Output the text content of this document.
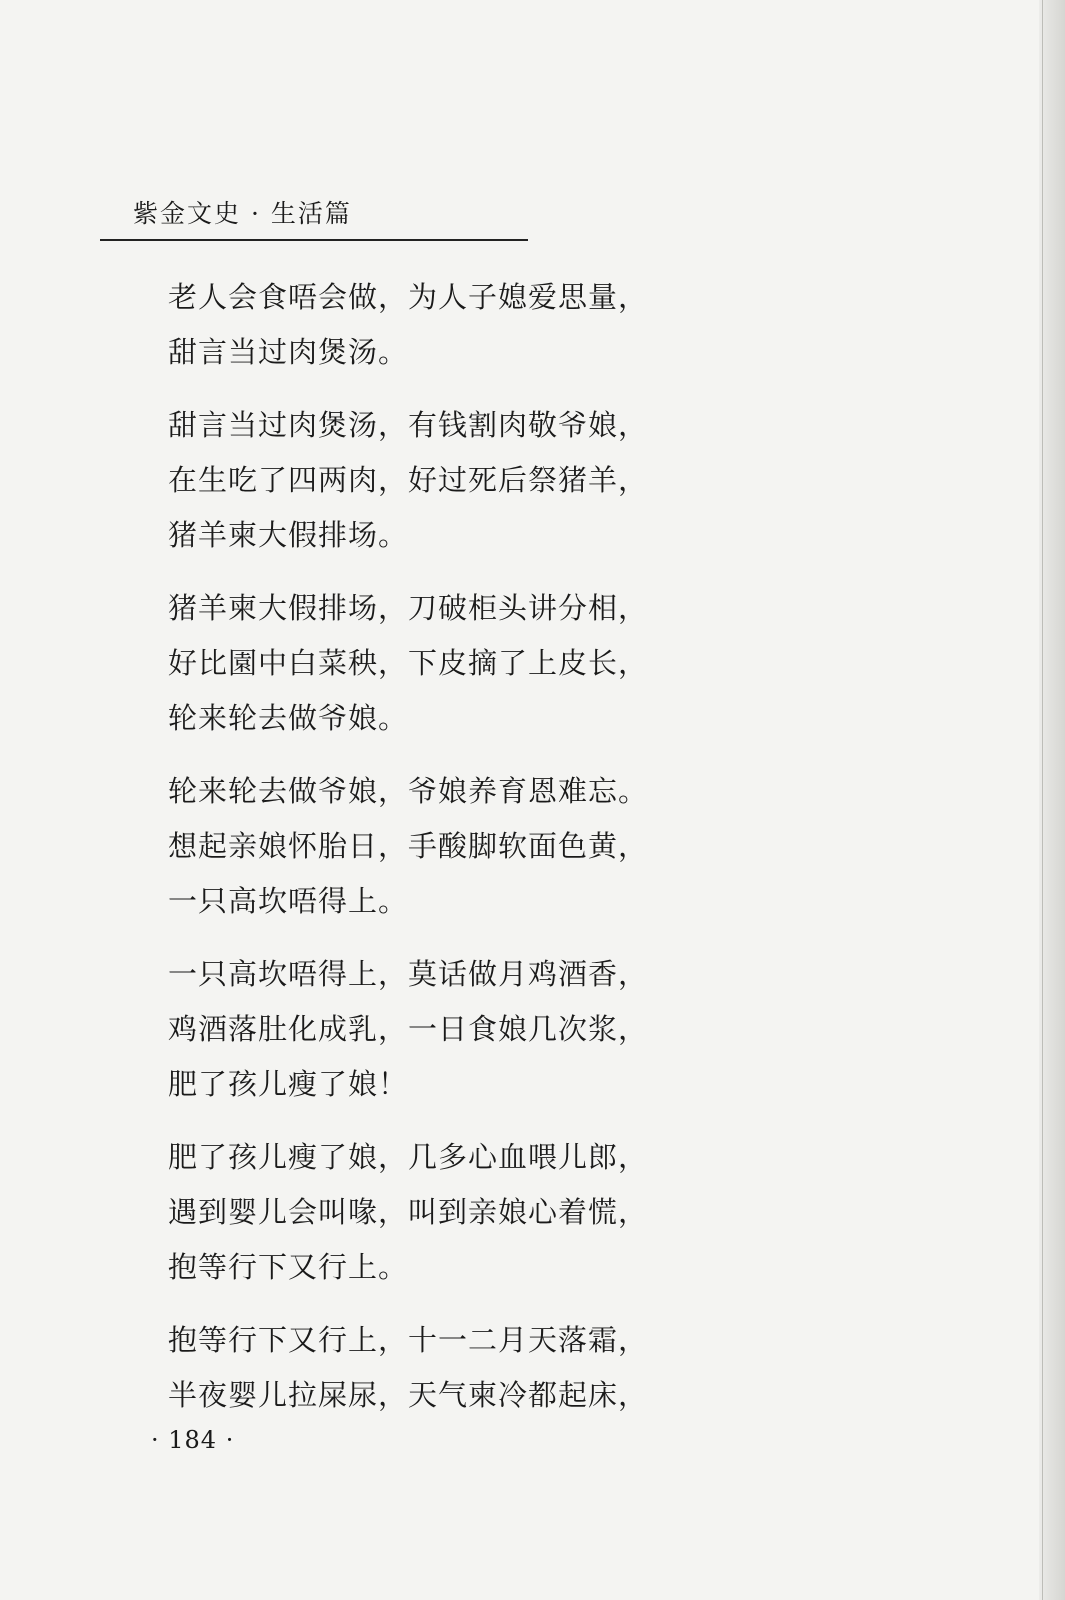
紫金文史 · 生活篇
老人会食唔会做，为人子媳爱思量，
甜言当过肉煲汤。
甜言当过肉煲汤，有钱割肉敬爷娘，
在生吃了四两肉，好过死后祭猪羊，
猪羊柬大假排场。
猪羊柬大假排场，刀破柜头讲分相，
好比園中白菜秧，下皮摘了上皮长，
轮来轮去做爷娘。
轮来轮去做爷娘，爷娘养育恩难忘。
想起亲娘怀胎日，手酸脚软面色黄，
一只高坎唔得上。
一只高坎唔得上，莫话做月鸡酒香，
鸡酒落肚化成乳，一日食娘几次浆，
肥了孩儿瘦了娘！
肥了孩儿瘦了娘，几多心血喂儿郎，
遇到婴儿会叫喙，叫到亲娘心着慌，
抱等行下又行上。
抱等行下又行上，十一二月天落霜，
半夜婴儿拉屎尿，天气柬冷都起床，
· 184 ·
